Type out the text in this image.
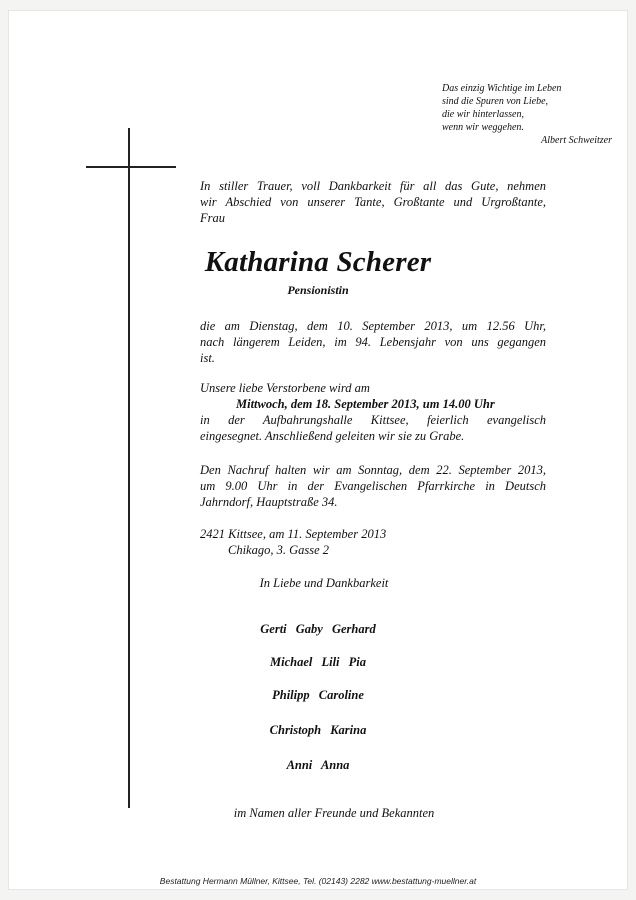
Das einzig Wichtige im Leben
sind die Spuren von Liebe,
die wir hinterlassen,
wenn wir weggehen.
Albert Schweitzer
In stiller Trauer, voll Dankbarkeit für all das Gute, nehmen
wir Abschied von unserer Tante, Großtante und Urgroßtante,
Frau
Katharina Scherer
Pensionistin
die am Dienstag, dem 10. September 2013, um 12.56 Uhr,
nach längerem Leiden, im 94. Lebensjahr von uns gegangen
ist.
Unsere liebe Verstorbene wird am
Mittwoch, dem 18. September 2013, um 14.00 Uhr
in der Aufbahrungshalle Kittsee, feierlich evangelisch
eingesegnet. Anschließend geleiten wir sie zu Grabe.
Den Nachruf halten wir am Sonntag, dem 22. September 2013,
um 9.00 Uhr in der Evangelischen Pfarrkirche in Deutsch
Jahrndorf, Hauptstraße 34.
2421 Kittsee, am 11. September 2013
Chikago, 3. Gasse 2
In Liebe und Dankbarkeit
Gerti Gaby Gerhard
Michael Lili Pia
Philipp Caroline
Christoph Karina
Anni Anna
im Namen aller Freunde und Bekannten
Bestattung Hermann Müllner, Kittsee, Tel. (02143) 2282 www.bestattung-muellner.at
